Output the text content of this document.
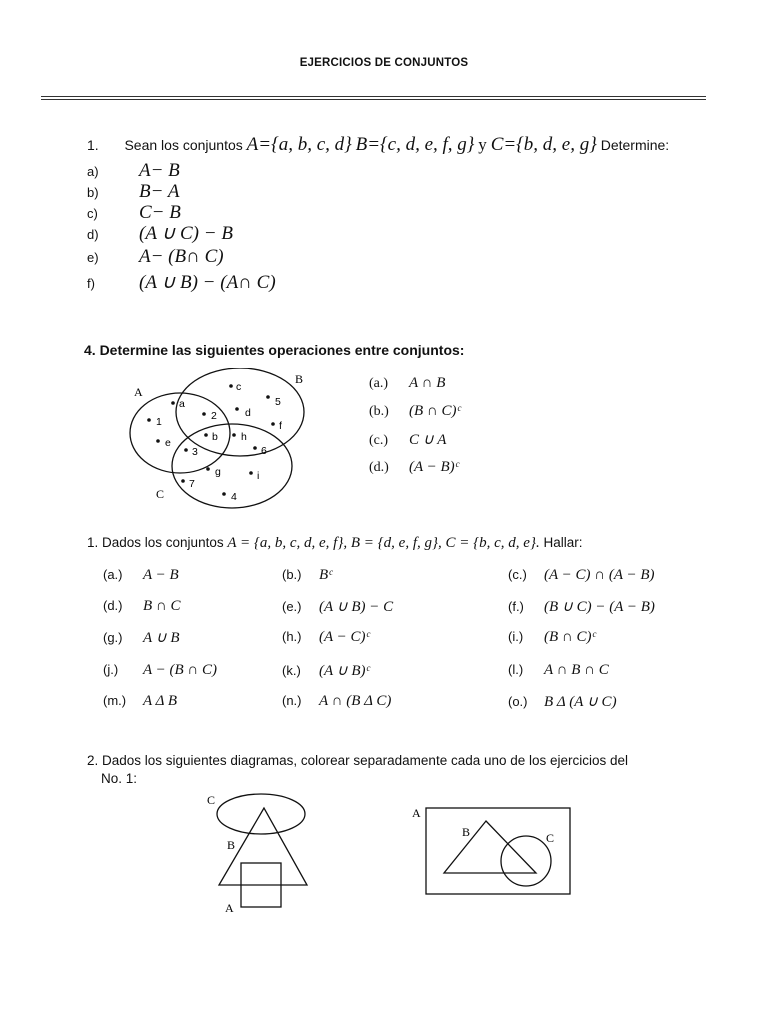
EJERCICIOS DE CONJUNTOS
1. Sean los conjuntos A={a, b, c, d} B={c, d, e, f, g} y C={b, d, e, g} Determine:
a) A− B
b) B− A
c) C− B
d) (A ∪ C) − B
e) A− (B∩ C)
f) (A ∪ B) − (A∩ C)
4. Determine las siguientes operaciones entre conjuntos:
A
B
C
c
a
2	d
5
1	f
b h
e
3	6
g	i
7
4
(a.) A ∩ B
(b.) (B ∩ C)ᶜ
(c.) C ∪ A
(d.) (A − B)ᶜ
1. Dados los conjuntos A = {a, b, c, d, e, f}, B = {d, e, f, g}, C = {b, c, d, e}. Hallar:
(a.) A − B	(b.) Bᶜ	(c.) (A − C) ∩ (A − B)
(d.) B ∩ C	(e.) (A ∪ B) − C	(f.) (B ∪ C) − (A − B)
(g.) A ∪ B	(h.) (A − C)ᶜ	(i.) (B ∩ C)ᶜ
(j.) A − (B ∩ C)	(k.) (A ∪ B)ᶜ	(l.) A ∩ B ∩ C
(m.) A Δ B	(n.) A ∩ (B Δ C)	(o.) B Δ (A ∪ C)
2. Dados los siguientes diagramas, colorear separadamente cada uno de los ejercicios del
No. 1:
C
B
A
A
B	C
